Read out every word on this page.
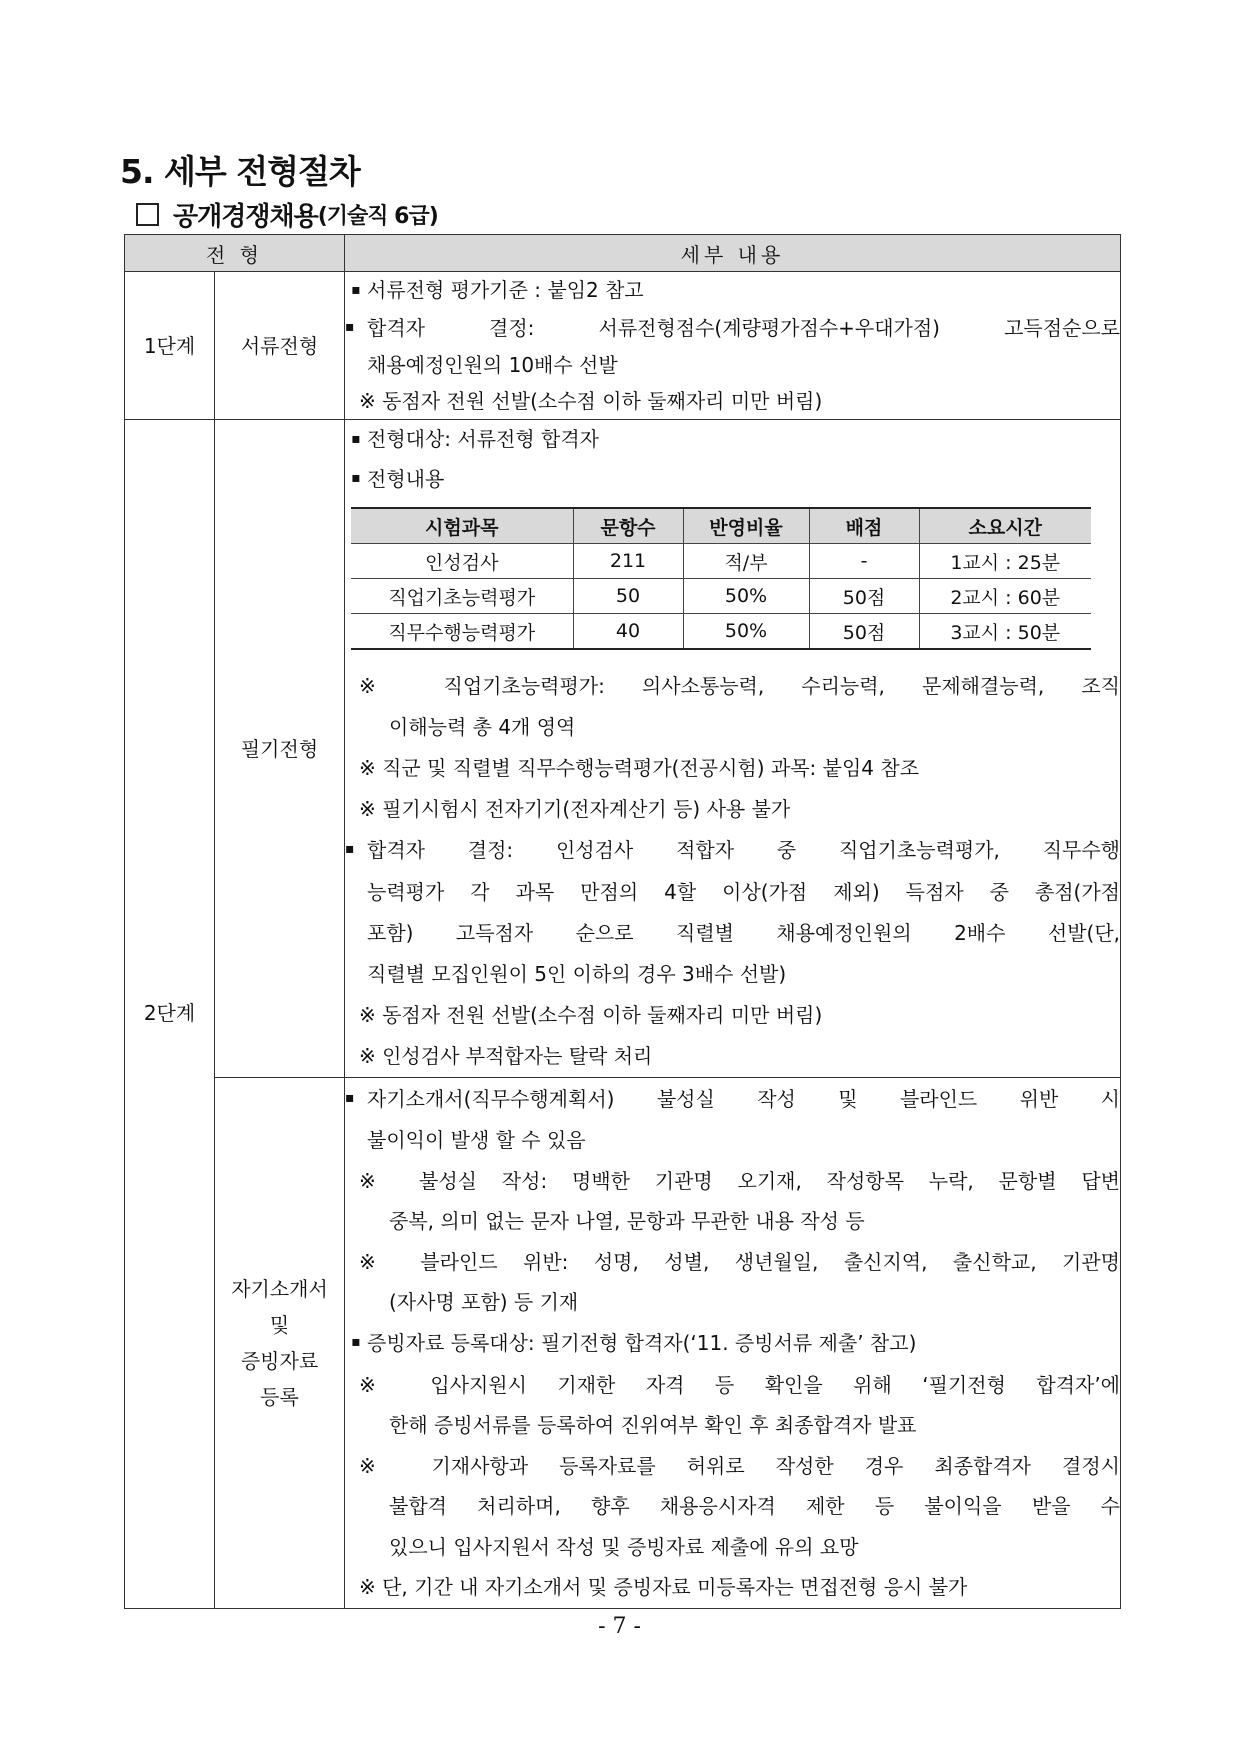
5. 세부 전형절차
공개경쟁채용 (기술직 6급)
전 형	세부 내용
1단계	서류전형	
▪ 서류전형 평가기준 : 붙임2 참고
▪ 합격자 결정: 서류전형점수(계량평가점수+우대가점) 고득점순으로
채용예정인원의 10배수 선발
※ 동점자 전원 선발(소수점 이하 둘째자리 미만 버림)

2단계	필기전형	
▪ 전형대상: 서류전형 합격자
▪ 전형내용
시험과목	문항수	반영비율	배점	소요시간
인성검사	211	적/부	-	1교시 : 25분
직업기초능력평가	50	50%	50점	2교시 : 60분
직무수행능력평가	40	50%	50점	3교시 : 50분
※ 직업기초능력평가: 의사소통능력, 수리능력, 문제해결능력, 조직
이해능력 총 4개 영역
※ 직군 및 직렬별 직무수행능력평가(전공시험) 과목: 붙임4 참조
※ 필기시험시 전자기기(전자계산기 등) 사용 불가
▪ 합격자 결정: 인성검사 적합자 중 직업기초능력평가, 직무수행
능력평가 각 과목 만점의 4할 이상(가점 제외) 득점자 중 총점(가점
포함) 고득점자 순으로 직렬별 채용예정인원의 2배수 선발(단,
직렬별 모집인원이 5인 이하의 경우 3배수 선발)
※ 동점자 전원 선발(소수점 이하 둘째자리 미만 버림)
※ 인성검사 부적합자는 탈락 처리

자기소개서
및
증빙자료
등록

▪ 자기소개서(직무수행계획서) 불성실 작성 및 블라인드 위반 시
불이익이 발생 할 수 있음
※ 불성실 작성: 명백한 기관명 오기재, 작성항목 누락, 문항별 답변
중복, 의미 없는 문자 나열, 문항과 무관한 내용 작성 등
※ 블라인드 위반: 성명, 성별, 생년월일, 출신지역, 출신학교, 기관명
(자사명 포함) 등 기재
▪ 증빙자료 등록대상: 필기전형 합격자(‘11. 증빙서류 제출’ 참고)
※ 입사지원시 기재한 자격 등 확인을 위해 ‘필기전형 합격자’에
한해 증빙서류를 등록하여 진위여부 확인 후 최종합격자 발표
※ 기재사항과 등록자료를 허위로 작성한 경우 최종합격자 결정시
불합격 처리하며, 향후 채용응시자격 제한 등 불이익을 받을 수
있으니 입사지원서 작성 및 증빙자료 제출에 유의 요망
※ 단, 기간 내 자기소개서 및 증빙자료 미등록자는 면접전형 응시 불가
- 7 -
